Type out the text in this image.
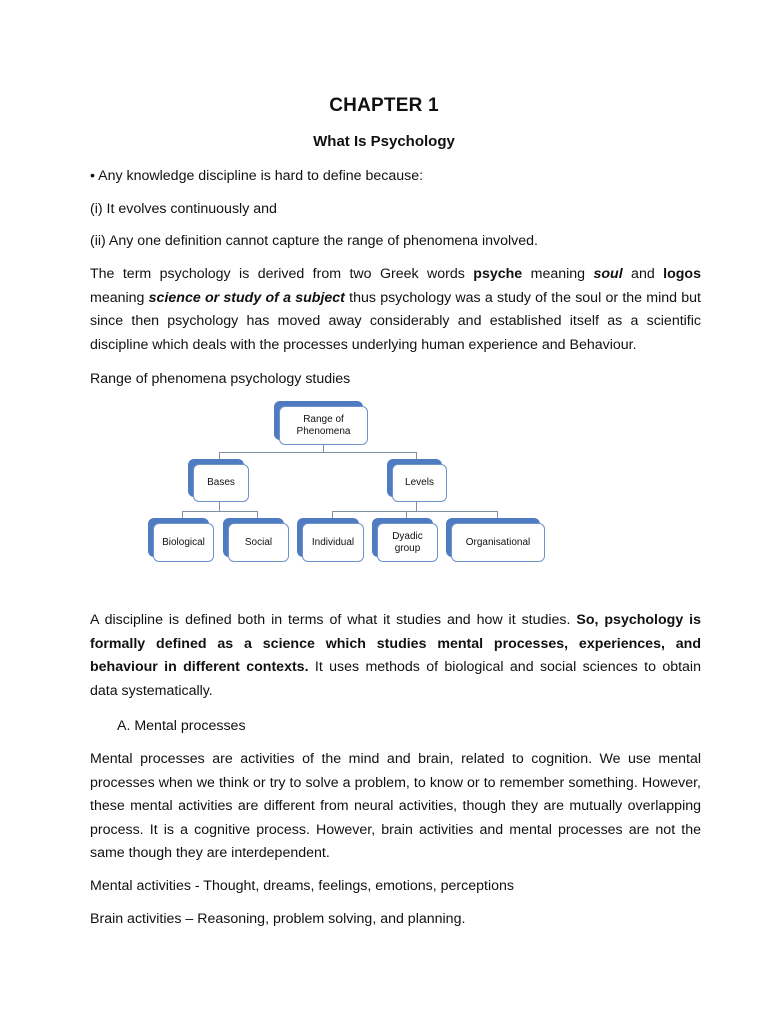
CHAPTER 1
What Is Psychology

• Any knowledge discipline is hard to define because:

(i) It evolves continuously and

(ii) Any one definition cannot capture the range of phenomena involved.

The term psychology is derived from two Greek words psyche meaning soul and logos meaning science or study of a subject thus psychology was a study of the soul or the mind but since then psychology has moved away considerably and established itself as a scientific discipline which deals with the processes underlying human experience and Behaviour.

Range of phenomena psychology studies

Range of Phenomena
Bases	Levels
Biological	Social	Individual
Dyadic group
Organisational

A discipline is defined both in terms of what it studies and how it studies. So, psychology is formally defined as a science which studies mental processes, experiences, and behaviour in different contexts. It uses methods of biological and social sciences to obtain data systematically.

A. Mental processes

Mental processes are activities of the mind and brain, related to cognition. We use mental processes when we think or try to solve a problem, to know or to remember something. However, these mental activities are different from neural activities, though they are mutually overlapping process. It is a cognitive process. However, brain activities and mental processes are not the same though they are interdependent.

Mental activities - Thought, dreams, feelings, emotions, perceptions

Brain activities – Reasoning, problem solving, and planning.
